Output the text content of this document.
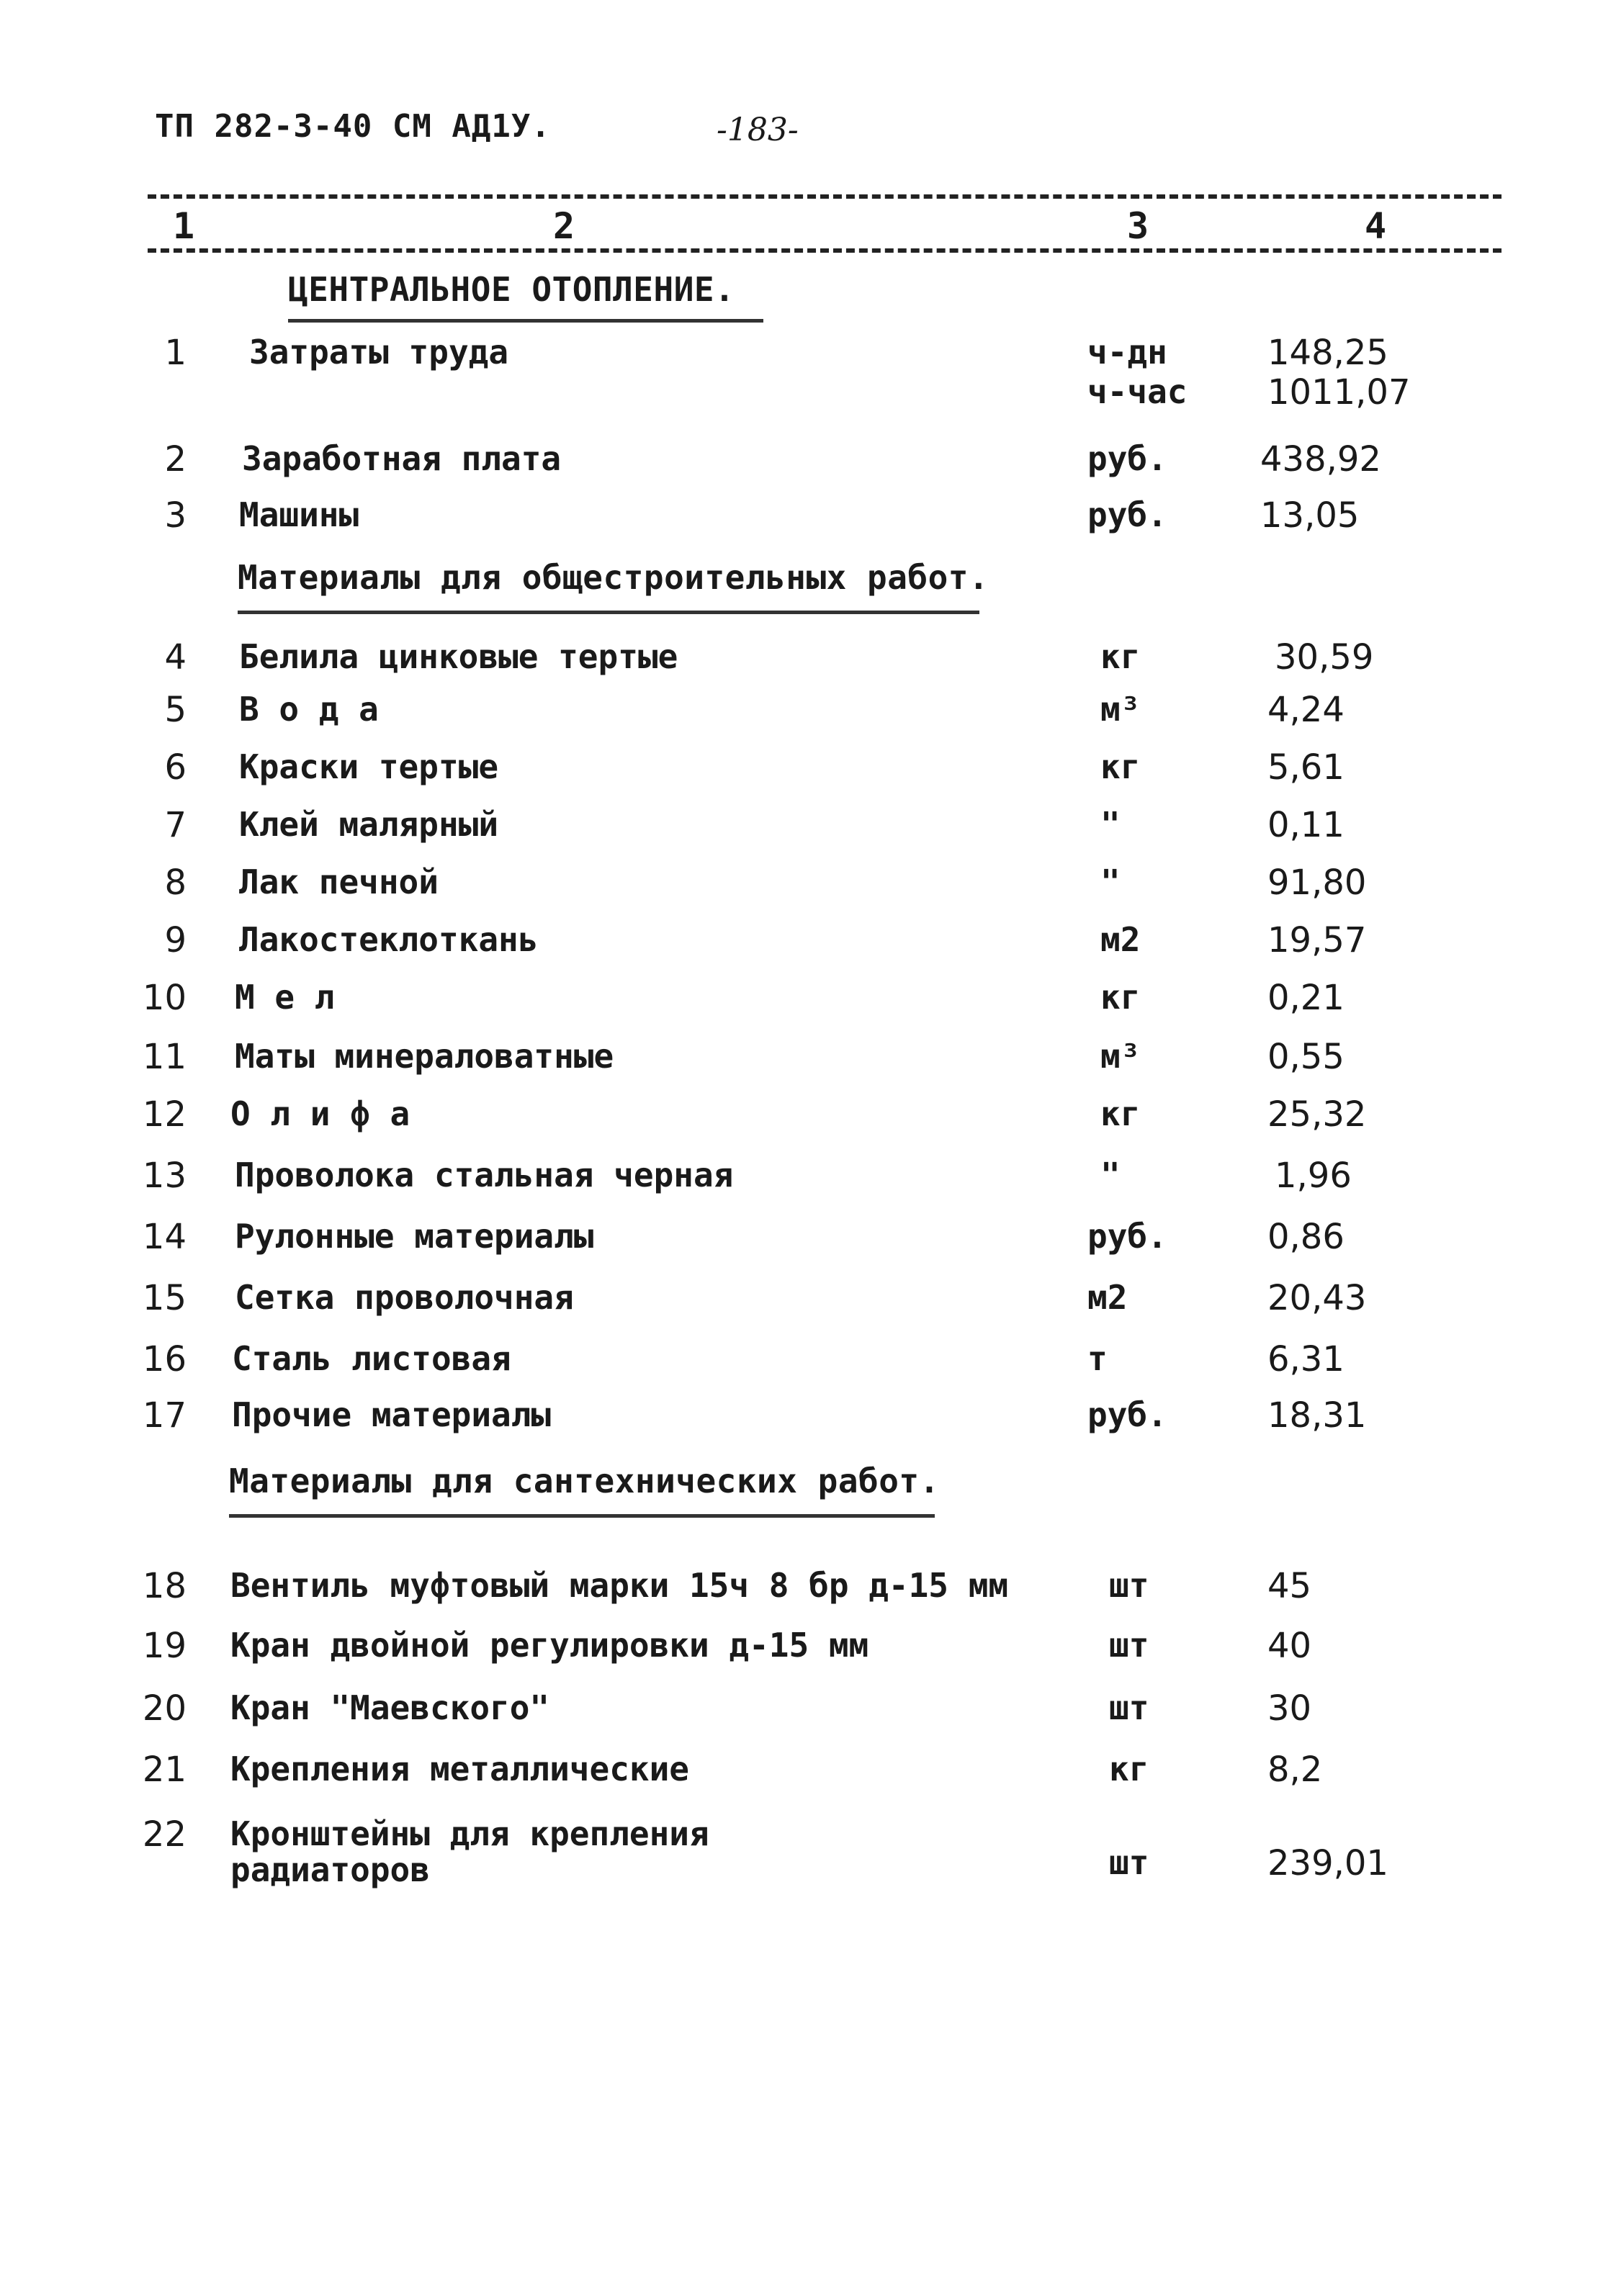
ТП 282-3-40 СМ АД1У.	-183-
1	2	3	4
ЦЕНТРАЛЬНОЕ ОТОПЛЕНИЕ.
1 Затраты труда	ч-дн	148,25
ч-час 1011,07
2 Заработная плата	руб.	438,92
3 Машины	руб.	13,05
Материалы для общестроительных работ.
4 Белила цинковые тертые	кг	30,59
5 В о д а	м³	4,24
6 Краски тертые	кг	5,61
7 Клей малярный	"	0,11
8 Лак печной	"	91,80
9 Лакостеклоткань	м2	19,57
10 М е л	кг	0,21
11 Маты минераловатные	м³	0,55
12 О л и ф а	кг	25,32
13 Проволока стальная черная	"	1,96
14 Рулонные материалы	руб.	0,86
15 Сетка проволочная	м2	20,43
16 Сталь листовая	т	6,31
17 Прочие материалы	руб.	18,31
Материалы для сантехнических работ.
18 Вентиль муфтовый марки 15ч 8 бр д-15 мм	шт	45
19 Кран двойной регулировки д-15 мм	шт	40
20 Кран "Маевского"	шт	30
21 Крепления металлические	кг	8,2
22 Кронштейны для крепления
радиаторов	шт	239,01
